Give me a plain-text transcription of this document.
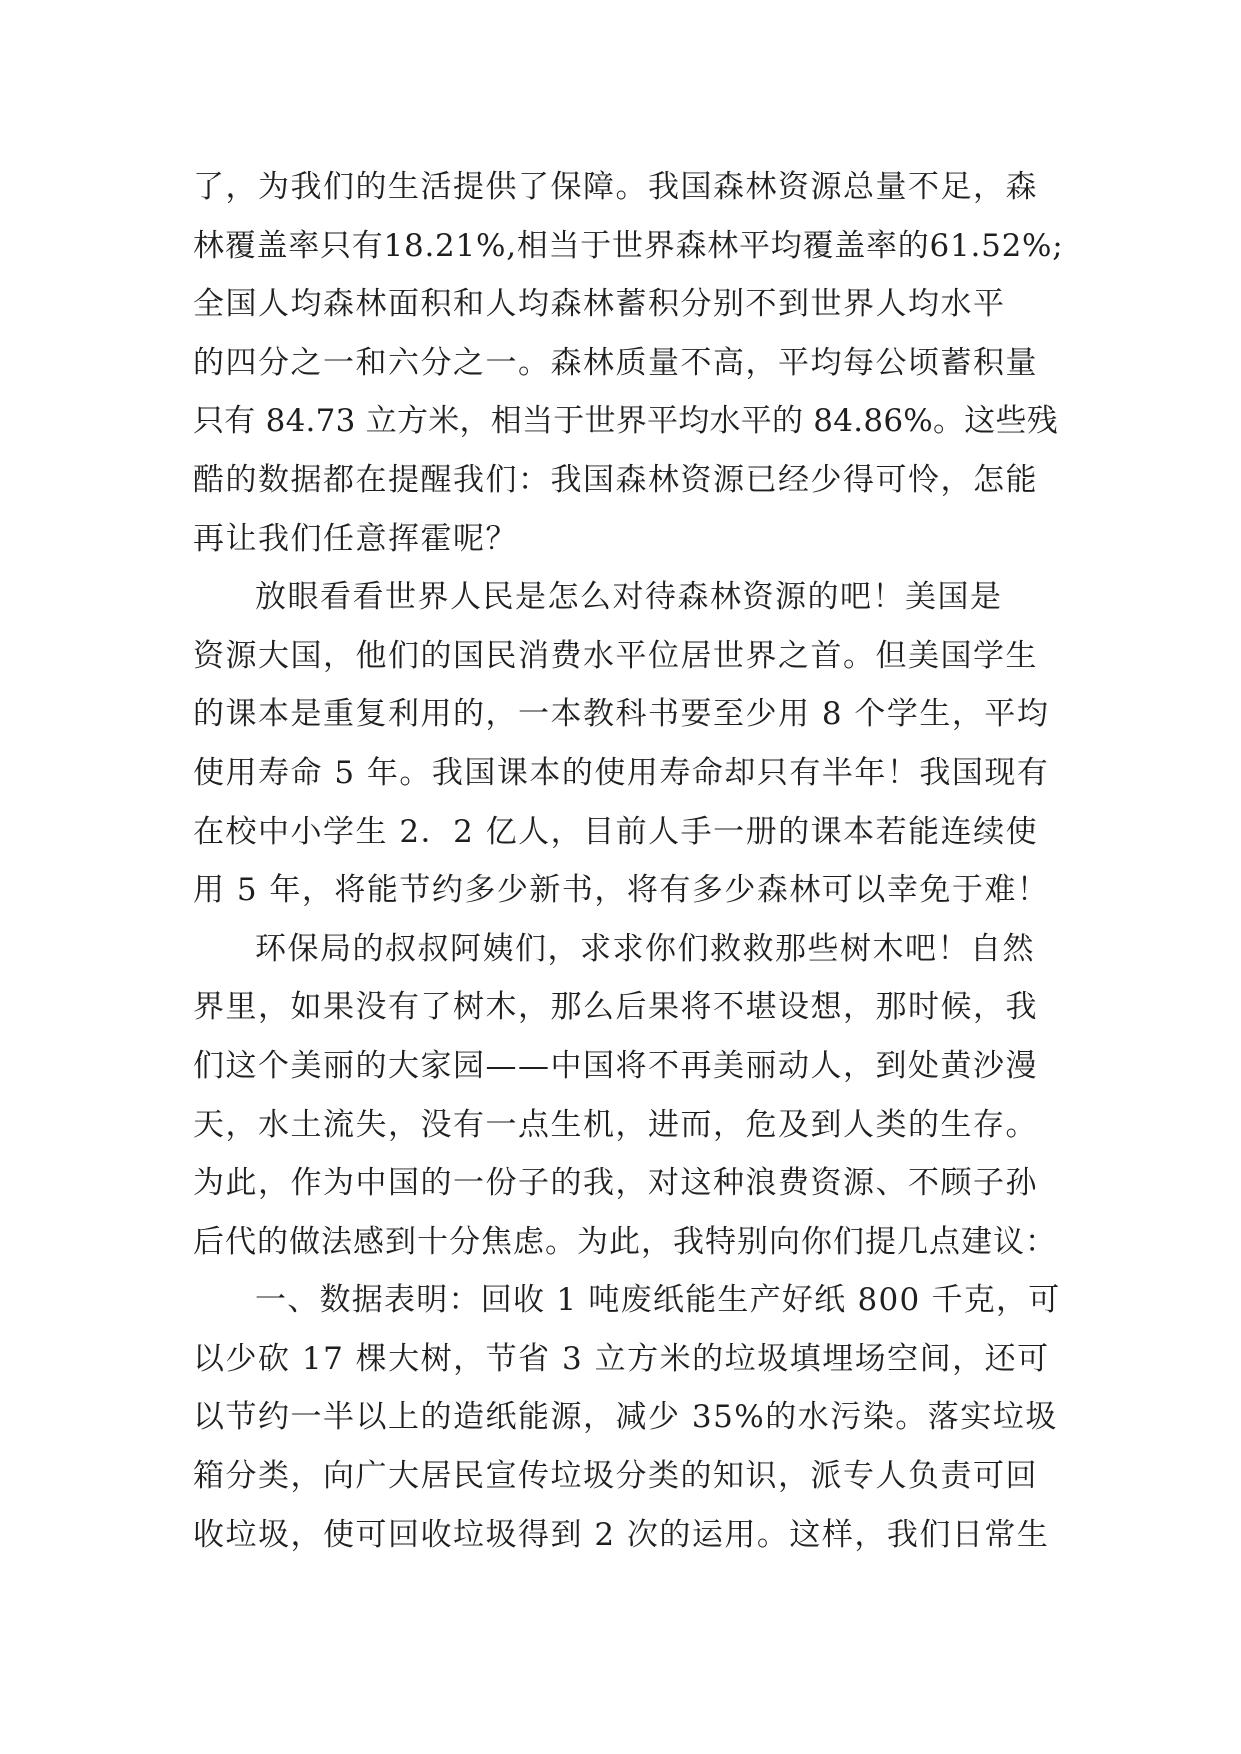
了，为我们的生活提供了保障。我国森林资源总量不足，森
林覆盖率只有18.21%,相当于世界森林平均覆盖率的61.52%;
全国人均森林面积和人均森林蓄积分别不到世界人均水平
的四分之一和六分之一。森林质量不高，平均每公顷蓄积量
只有 84.73 立方米，相当于世界平均水平的 84.86%。这些残
酷的数据都在提醒我们：我国森林资源已经少得可怜，怎能
再让我们任意挥霍呢？
放眼看看世界人民是怎么对待森林资源的吧！美国是
资源大国，他们的国民消费水平位居世界之首。但美国学生
的课本是重复利用的，一本教科书要至少用 8 个学生，平均
使用寿命 5 年。我国课本的使用寿命却只有半年！我国现有
在校中小学生 2．2 亿人，目前人手一册的课本若能连续使
用 5 年，将能节约多少新书，将有多少森林可以幸免于难！
环保局的叔叔阿姨们，求求你们救救那些树木吧！自然
界里，如果没有了树木，那么后果将不堪设想，那时候，我
们这个美丽的大家园——中国将不再美丽动人，到处黄沙漫
天，水土流失，没有一点生机，进而，危及到人类的生存。
为此，作为中国的一份子的我，对这种浪费资源、不顾子孙
后代的做法感到十分焦虑。为此，我特别向你们提几点建议：
一、数据表明：回收 1 吨废纸能生产好纸 800 千克，可
以少砍 17 棵大树，节省 3 立方米的垃圾填埋场空间，还可
以节约一半以上的造纸能源，减少 35%的水污染。落实垃圾
箱分类，向广大居民宣传垃圾分类的知识，派专人负责可回
收垃圾，使可回收垃圾得到 2 次的运用。这样，我们日常生
